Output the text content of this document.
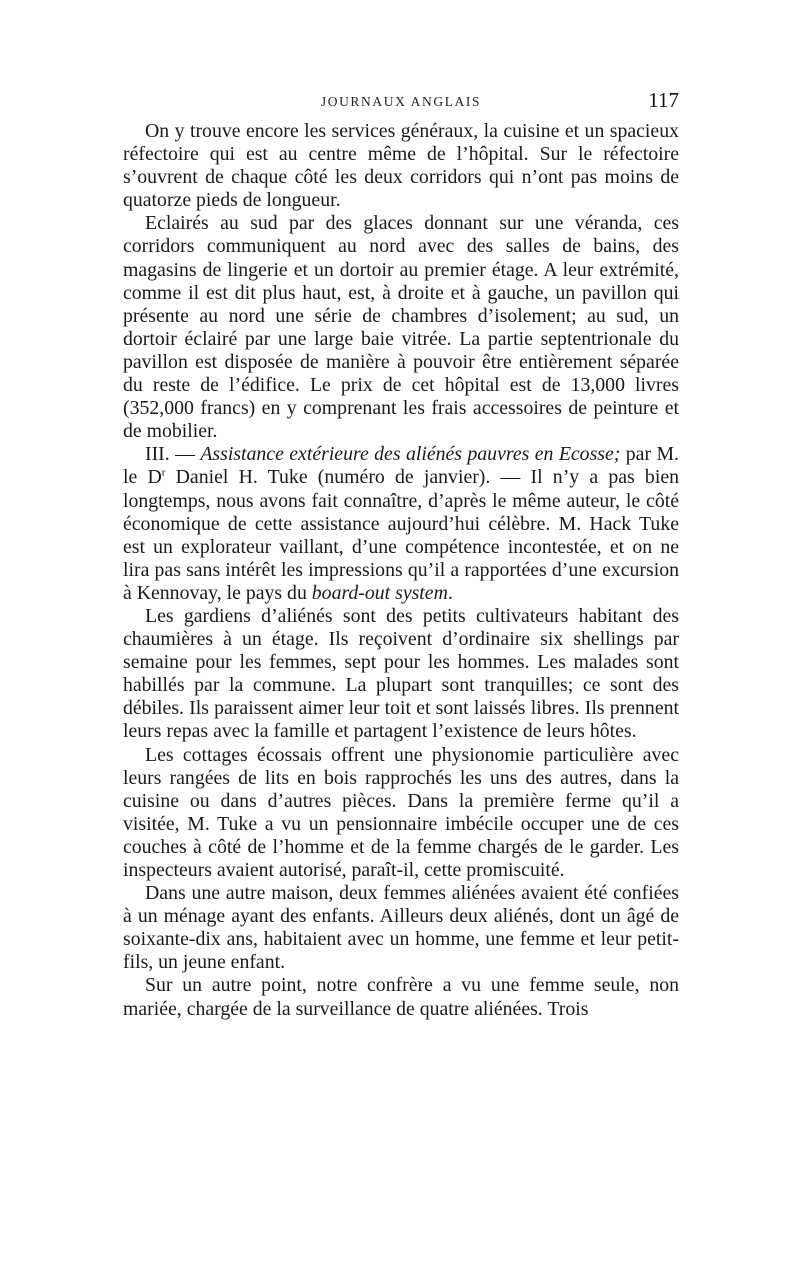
JOURNAUX ANGLAIS	117

On y trouve encore les services généraux, la cuisine et un spacieux réfectoire qui est au centre même de l’hôpital. Sur le réfectoire s’ouvrent de chaque côté les deux corridors qui n’ont pas moins de quatorze pieds de longueur.

Eclairés au sud par des glaces donnant sur une véranda, ces corridors communiquent au nord avec des salles de bains, des magasins de lingerie et un dortoir au premier étage. A leur extrémité, comme il est dit plus haut, est, à droite et à gauche, un pavillon qui présente au nord une série de chambres d’isolement; au sud, un dortoir éclairé par une large baie vitrée. La partie septentrionale du pavillon est disposée de manière à pouvoir être entièrement séparée du reste de l’édifice. Le prix de cet hôpital est de 13,000 livres (352,000 francs) en y comprenant les frais accessoires de peinture et de mobilier.

III. — Assistance extérieure des aliénés pauvres en Ecosse; par M. le $D^r$ Daniel H. Tuke (numéro de janvier). — Il n’y a pas bien longtemps, nous avons fait connaître, d’après le même auteur, le côté économique de cette assistance aujourd’hui célèbre. M. Hack Tuke est un explorateur vaillant, d’une compétence incontestée, et on ne lira pas sans intérêt les impressions qu’il a rapportées d’une excursion à Kennovay, le pays du board-out system.

Les gardiens d’aliénés sont des petits cultivateurs habitant des chaumières à un étage. Ils reçoivent d’ordinaire six shellings par semaine pour les femmes, sept pour les hommes. Les malades sont habillés par la commune. La plupart sont tranquilles; ce sont des débiles. Ils paraissent aimer leur toit et sont laissés libres. Ils prennent leurs repas avec la famille et partagent l’existence de leurs hôtes.

Les cottages écossais offrent une physionomie particulière avec leurs rangées de lits en bois rapprochés les uns des autres, dans la cuisine ou dans d’autres pièces. Dans la première ferme qu’il a visitée, M. Tuke a vu un pensionnaire imbécile occuper une de ces couches à côté de l’homme et de la femme chargés de le garder. Les inspecteurs avaient autorisé, paraît-il, cette promiscuité.

Dans une autre maison, deux femmes aliénées avaient été confiées à un ménage ayant des enfants. Ailleurs deux aliénés, dont un âgé de soixante-dix ans, habitaient avec un homme, une femme et leur petit-fils, un jeune enfant.

Sur un autre point, notre confrère a vu une femme seule, non mariée, chargée de la surveillance de quatre aliénées. Trois
